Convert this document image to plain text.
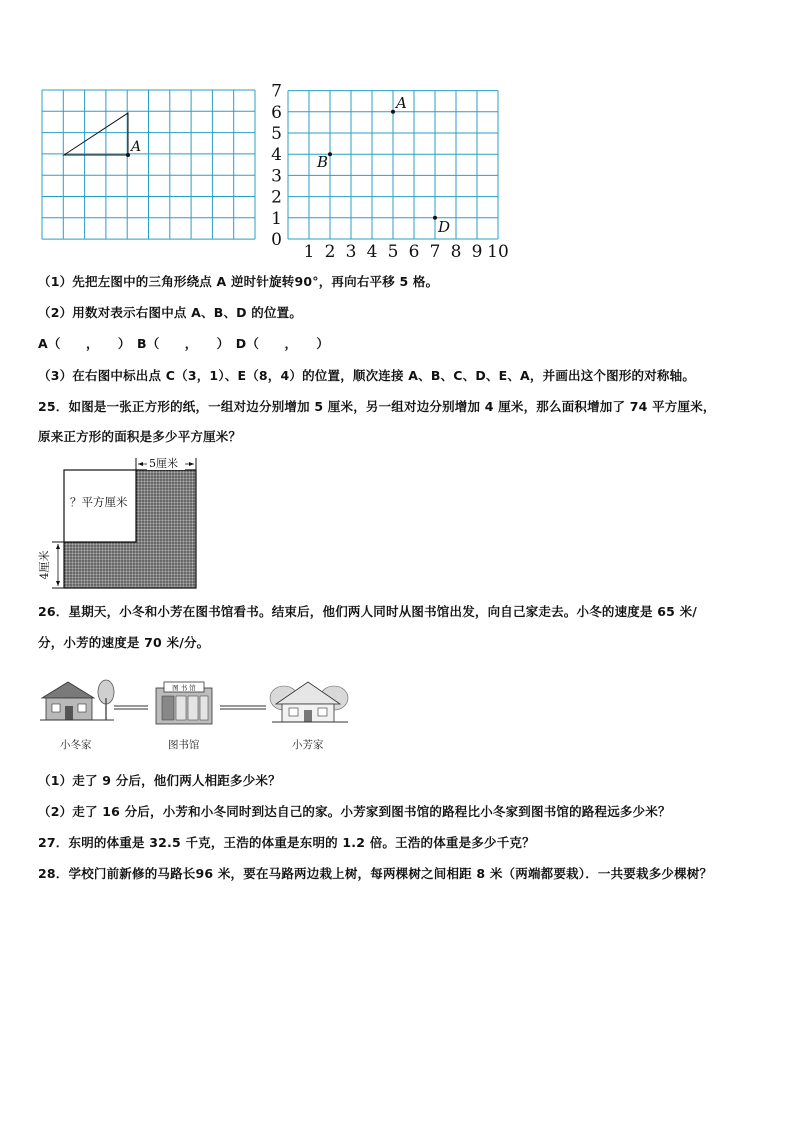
A
0
1
2
3
4
5
6
7
1 2 3 4 5 6 7 8 9 10
A
B
D
（1）先把左图中的三角形绕点 A 逆时针旋转90°，再向右平移 5 格。
（2）用数对表示右图中点 A、B、D 的位置。
A（　　，　　）　B（　　，　　）　D（　　，　　）
（3）在右图中标出点 C（3，1）、E（8，4）的位置，顺次连接 A、B、C、D、E、A，并画出这个图形的对称轴。
25．如图是一张正方形的纸，一组对边分别增加 5 厘米，另一组对边分别增加 4 厘米，那么面积增加了 74 平方厘米，
原来正方形的面积是多少平方厘米？
5厘米
4厘米
？平方厘米
26．星期天，小冬和小芳在图书馆看书。结束后，他们两人同时从图书馆出发，向自己家走去。小冬的速度是 65 米/
分，小芳的速度是 70 米/分。
图 书 馆
小冬家	图书馆	小芳家
（1）走了 9 分后，他们两人相距多少米？
（2）走了 16 分后，小芳和小冬同时到达自己的家。小芳家到图书馆的路程比小冬家到图书馆的路程远多少米？
27．东明的体重是 32.5 千克，王浩的体重是东明的 1.2 倍。王浩的体重是多少千克？
28．学校门前新修的马路长96 米，要在马路两边栽上树，每两棵树之间相距 8 米（两端都要栽）．一共要栽多少棵树？
